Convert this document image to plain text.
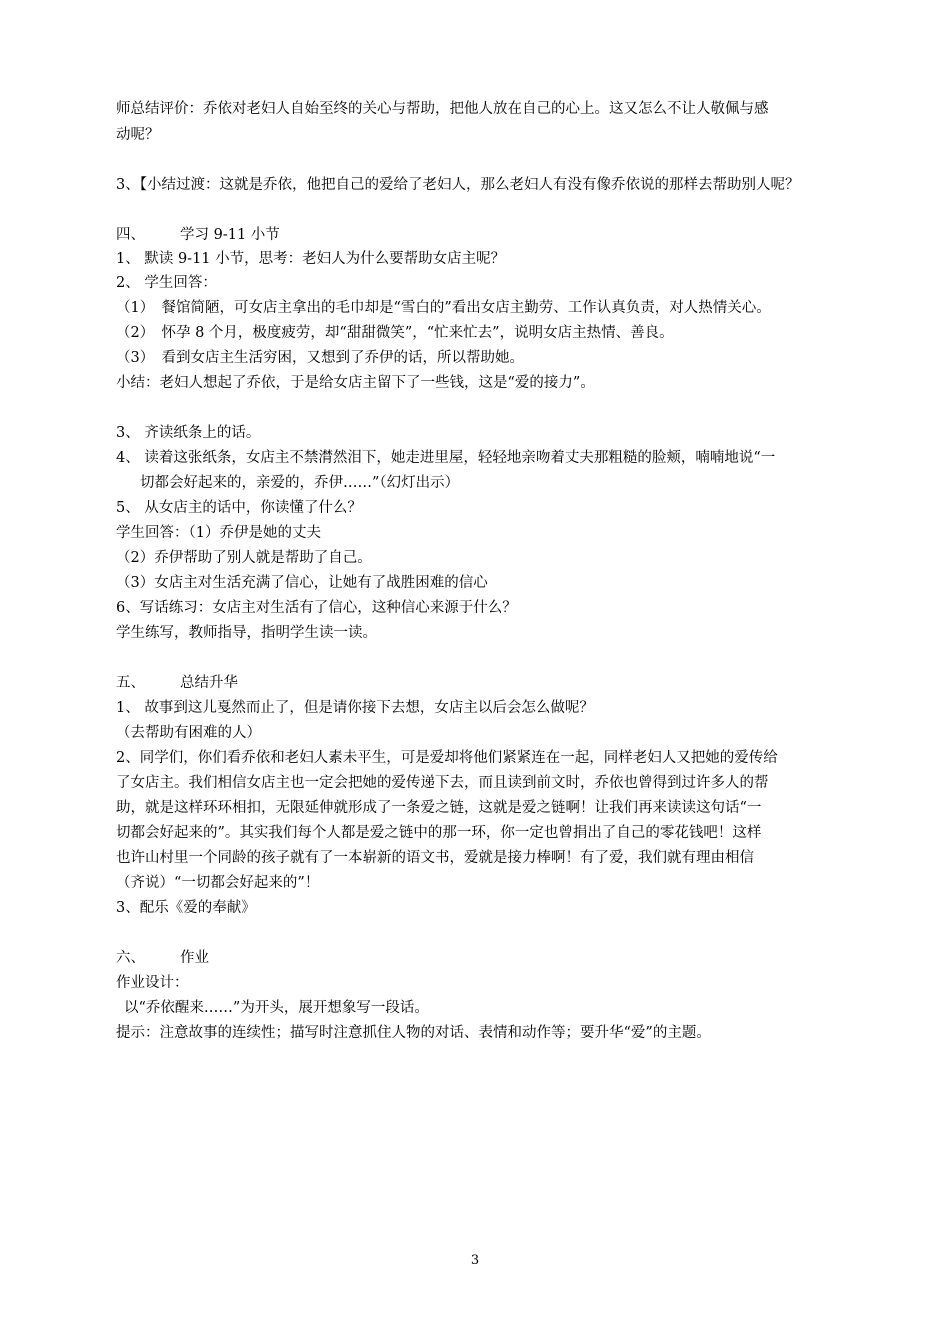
师总结评价：乔依对老妇人自始至终的关心与帮助，把他人放在自己的心上。这又怎么不让人敬佩与感
动呢？
3、【小结过渡：这就是乔依，他把自己的爱给了老妇人，那么老妇人有没有像乔依说的那样去帮助别人呢？
四、 学习 9-11 小节
1、 默读 9-11 小节，思考：老妇人为什么要帮助女店主呢？
2、 学生回答：
（1）　餐馆简陋，可女店主拿出的毛巾却是“雪白的”看出女店主勤劳、工作认真负责，对人热情关心。
（2）　怀孕 8 个月，极度疲劳，却“甜甜微笑”，“忙来忙去”，说明女店主热情、善良。
（3）　看到女店主生活穷困，又想到了乔伊的话，所以帮助她。
小结：老妇人想起了乔依，于是给女店主留下了一些钱，这是“爱的接力”。
3、 齐读纸条上的话。
4、 读着这张纸条，女店主不禁潸然泪下，她走进里屋，轻轻地亲吻着丈夫那粗糙的脸颊，喃喃地说“一
切都会好起来的，亲爱的，乔伊……”（幻灯出示）
5、 从女店主的话中，你读懂了什么？
学生回答：（1）乔伊是她的丈夫
（2）乔伊帮助了别人就是帮助了自己。
（3）女店主对生活充满了信心，让她有了战胜困难的信心
6、写话练习：女店主对生活有了信心，这种信心来源于什么？
学生练写，教师指导，指明学生读一读。
五、 总结升华
1、 故事到这儿戛然而止了，但是请你接下去想，女店主以后会怎么做呢？
（去帮助有困难的人）
2、同学们，你们看乔依和老妇人素未平生，可是爱却将他们紧紧连在一起，同样老妇人又把她的爱传给
了女店主。我们相信女店主也一定会把她的爱传递下去，而且读到前文时，乔依也曾得到过许多人的帮
助，就是这样环环相扣，无限延伸就形成了一条爱之链，这就是爱之链啊！让我们再来读读这句话“一
切都会好起来的”。其实我们每个人都是爱之链中的那一环，你一定也曾捐出了自己的零花钱吧！这样
也许山村里一个同龄的孩子就有了一本崭新的语文书，爱就是接力棒啊！有了爱，我们就有理由相信
（齐说）“一切都会好起来的”！
3、配乐《爱的奉献》
六、 作业
作业设计：
以“乔依醒来……”为开头，展开想象写一段话。
提示：注意故事的连续性；描写时注意抓住人物的对话、表情和动作等；要升华“爱”的主题。
3
